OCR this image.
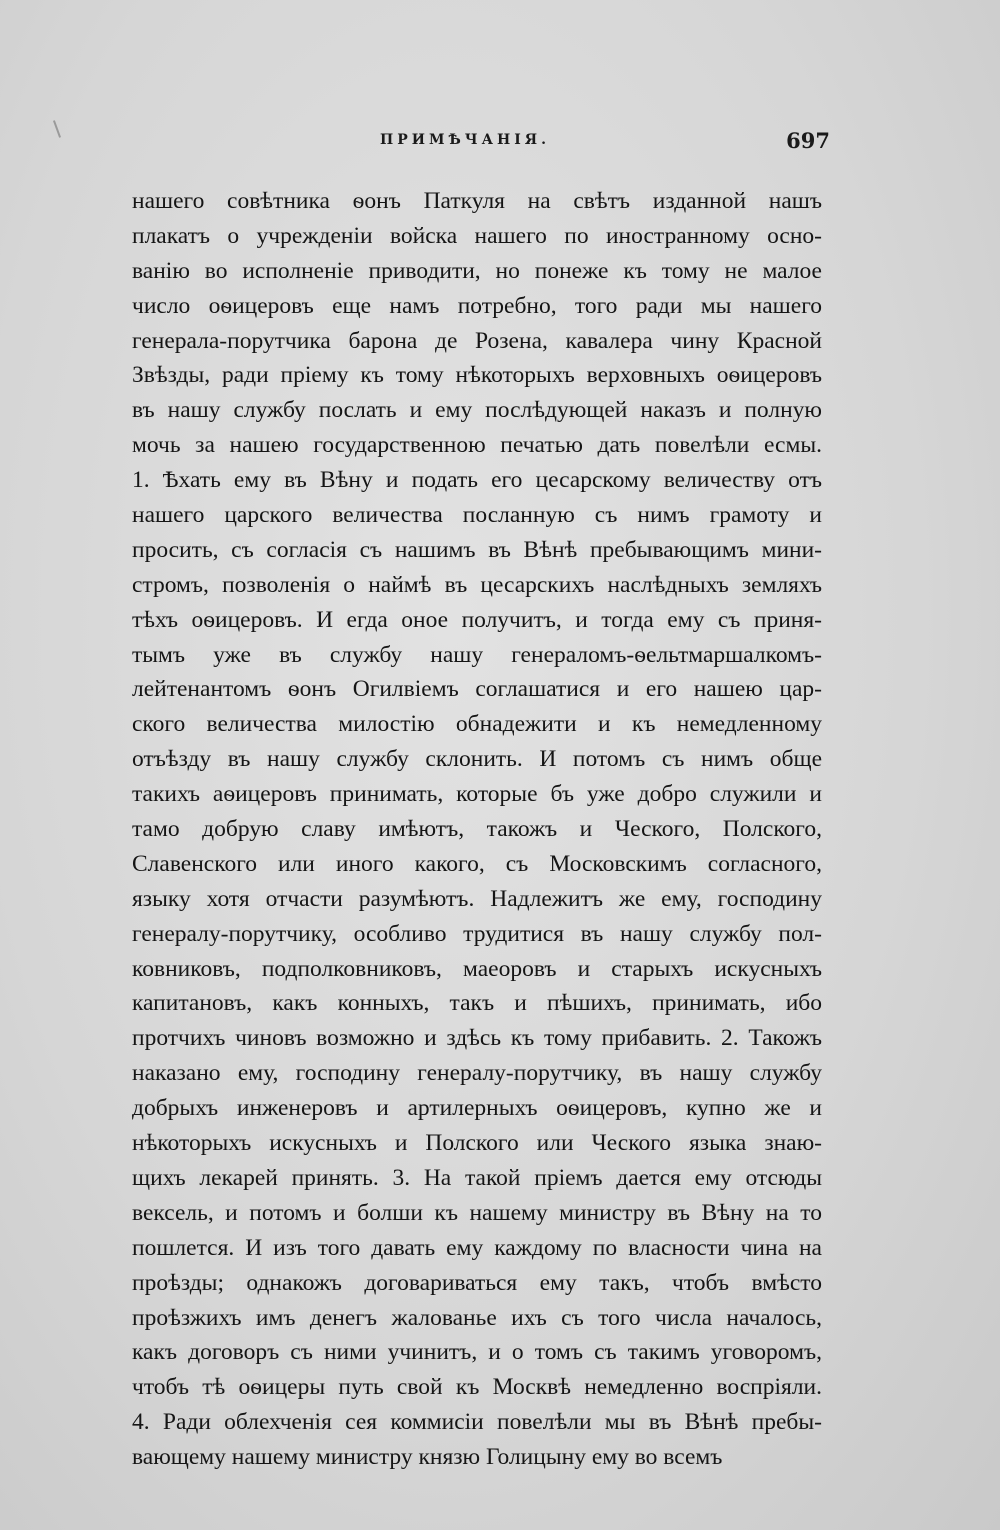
ПРИМѢЧАНІЯ.	697
нашего совѣтника ѳонъ Паткуля на свѣтъ изданной нашъ
плакатъ о учрежденіи войска нашего по иностранному осно-
ванію во исполненіе приводити, но понеже къ тому не малое
число оѳицеровъ еще намъ потребно, того ради мы нашего
генерала-порутчика барона де Розена, кавалера чину Красной
Звѣзды, ради пріему къ тому нѣкоторыхъ верховныхъ оѳицеровъ
въ нашу службу послать и ему послѣдующей наказъ и полную
мочь за нашею государственною печатью дать повелѣли есмы.
1. Ѣхать ему въ Вѣну и подать его цесарскому величеству отъ
нашего царского величества посланную съ нимъ грамоту и
просить, съ согласія съ нашимъ въ Вѣнѣ пребывающимъ мини-
стромъ, позволенія о наймѣ въ цесарскихъ наслѣдныхъ земляхъ
тѣхъ оѳицеровъ. И егда оное получитъ, и тогда ему съ приня-
тымъ уже въ службу нашу генераломъ-ѳельтмаршалкомъ-
лейтенантомъ ѳонъ Огилвіемъ соглашатися и его нашею цар-
ского величества милостію обнадежити и къ немедленному
отъѣзду въ нашу службу склонить. И потомъ съ нимъ обще
такихъ аѳицеровъ принимать, которые бъ уже добро служили и
тамо добрую славу имѣютъ, такожъ и Ческого, Полского,
Славенского или иного какого, съ Московскимъ согласного,
языку хотя отчасти разумѣютъ. Надлежитъ же ему, господину
генералу-порутчику, особливо трудитися въ нашу службу пол-
ковниковъ, подполковниковъ, маеоровъ и старыхъ искусныхъ
капитановъ, какъ конныхъ, такъ и пѣшихъ, принимать, ибо
протчихъ чиновъ возможно и здѣсь къ тому прибавить. 2. Такожъ
наказано ему, господину генералу-порутчику, въ нашу службу
добрыхъ инженеровъ и артилерныхъ оѳицеровъ, купно же и
нѣкоторыхъ искусныхъ и Полского или Ческого языка знаю-
щихъ лекарей принять. 3. На такой пріемъ дается ему отсюды
вексель, и потомъ и болши къ нашему министру въ Вѣну на то
пошлется. И изъ того давать ему каждому по власности чина на
проѣзды; однакожъ договариваться ему такъ, чтобъ вмѣсто
проѣзжихъ имъ денегъ жалованье ихъ съ того числа началось,
какъ договоръ съ ними учинитъ, и о томъ съ такимъ уговоромъ,
чтобъ тѣ оѳицеры путь свой къ Москвѣ немедленно воспріяли.
4. Ради облехченія сея коммисіи повелѣли мы въ Вѣнѣ пребы-
вающему нашему министру князю Голицыну ему во всемъ
